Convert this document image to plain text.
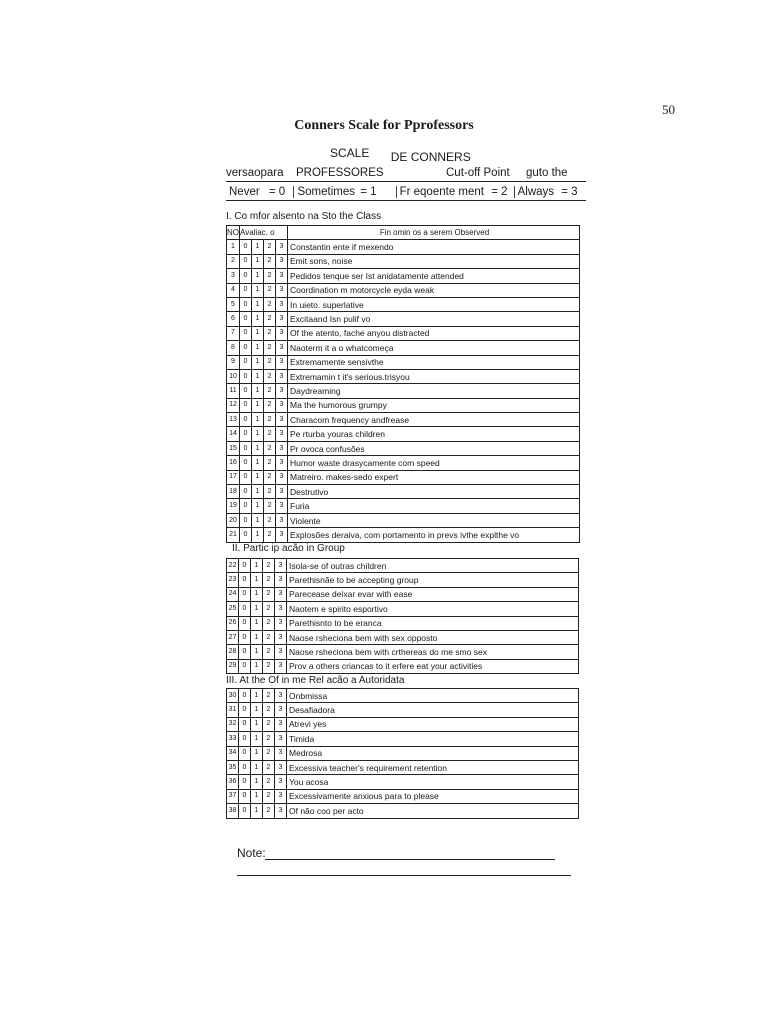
50
Conners Scale for Pprofessors
SCALE DE CONNERS
versaopara	PROFESSORES	Cut-off Point	guto the
Never = 0	Sometimes = 1	Fr eqoente ment = 2 Always = 3
I. Co mfor alsento na Sto the Class
NO	Avaliac. o				Fin omin os a serem Observed
1	0	1	2	3	Constantin ente if mexendo
2	0	1	2	3	Emit sons, noise
3	0	1	2	3	Pedidos tenque ser Ist anidatamente attended
4	0	1	2	3	Coordination m motorcycle eyda weak
5	0	1	2	3	In uieto. superlative
6	0	1	2	3	Excitaand Isn pulif vo
7	0	1	2	3	Of the atento, fache anyou distracted
8	0	1	2	3	Naoterm it a o whatcomeça
9	0	1	2	3	Extremamente sensivthe
10	0	1	2	3	Extremamin t it's serious.trisyou
11	0	1	2	3	Daydreaming
12	0	1	2	3	Ma the humorous grumpy
13	0	1	2	3	Characom frequency andfrease
14	0	1	2	3	Pe rturba youras children
15	0	1	2	3	Pr ovoca confusões
16	0	1	2	3	Humor waste drasycamente com speed
17	0	1	2	3	Matreiro. makes-sedo expert
18	0	1	2	3	Destrutivo
19	0	1	2	3	Furia
20	0	1	2	3	Violente
21	0	1	2	3	Explosões deraiva, com portamento in prevs ivthe explthe vo
II. Partic ip acão in Group
22	0	1	2	3	Isola-se of outras children
23	0	1	2	3	Parethisnãe to be accepting group
24	0	1	2	3	Parecease deixar evar with ease
25	0	1	2	3	Naotem e spirito esportivo
26	0	1	2	3	Parethisnto to be eranca
27	0	1	2	3	Naose rsheciona bem with sex opposto
28	0	1	2	3	Naose rsheciona bem with crthereas do me smo sex
29	0	1	2	3	Prov a others criancas to it erfere eat your activities
III. At the Of in me Rel acão a Autoridata
30	0	1	2	3	Onbmissa
31	0	1	2	3	Desafiadora
32	0	1	2	3	Atrevi yes
33	0	1	2	3	Timida
34	0	1	2	3	Medrosa
35	0	1	2	3	Excessiva teacher's requirement retention
36	0	1	2	3	You acosa
37	0	1	2	3	Excessivamente anxious para to please
38	0	1	2	3	Of não coo per acto
Note:
